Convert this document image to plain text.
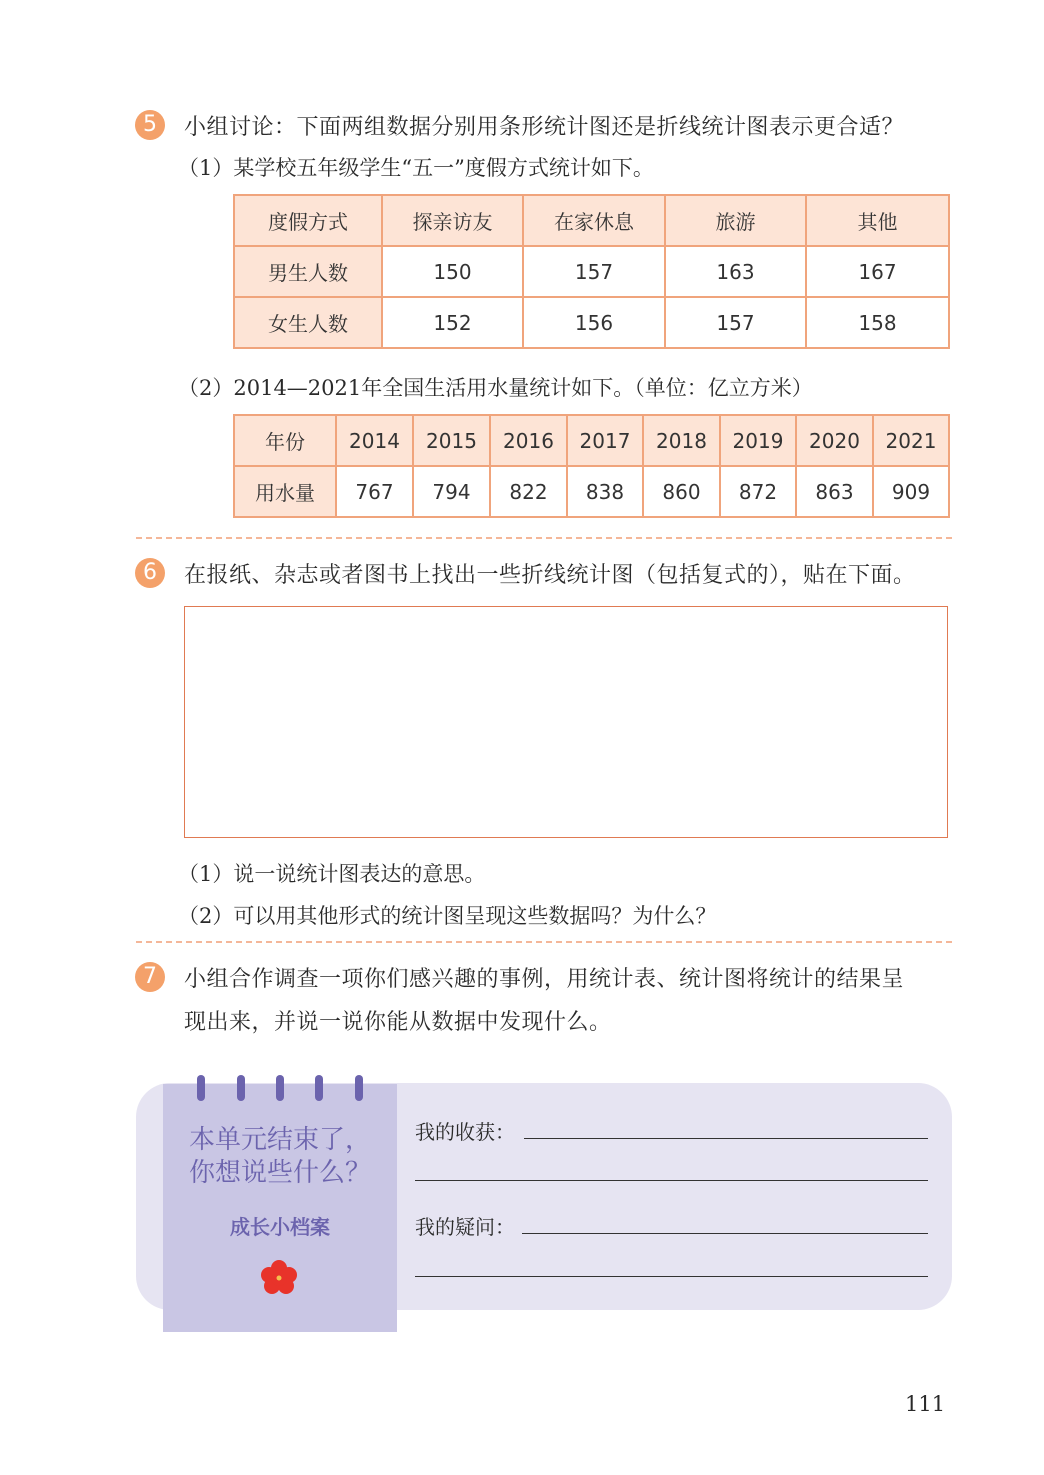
5	小组讨论：下面两组数据分别用条形统计图还是折线统计图表示更合适？
（1）某学校五年级学生“五一”度假方式统计如下。
度假方式	探亲访友	在家休息	旅游	其他
男生人数	150	157	163	167
女生人数	152	156	157	158
（2）2014—2021年全国生活用水量统计如下。（单位：亿立方米）
年份	2014	2015	2016	2017	2018	2019	2020	2021
用水量	767	794	822	838	860	872	863	909
6	在报纸、杂志或者图书上找出一些折线统计图（包括复式的），贴在下面。
（1）说一说统计图表达的意思。
（2）可以用其他形式的统计图呈现这些数据吗？为什么？
7	小组合作调查一项你们感兴趣的事例，用统计表、统计图将统计的结果呈
现出来，并说一说你能从数据中发现什么。
本单元结束了，
你想说些什么？
成长小档案
我的收获：
我的疑问：
111
